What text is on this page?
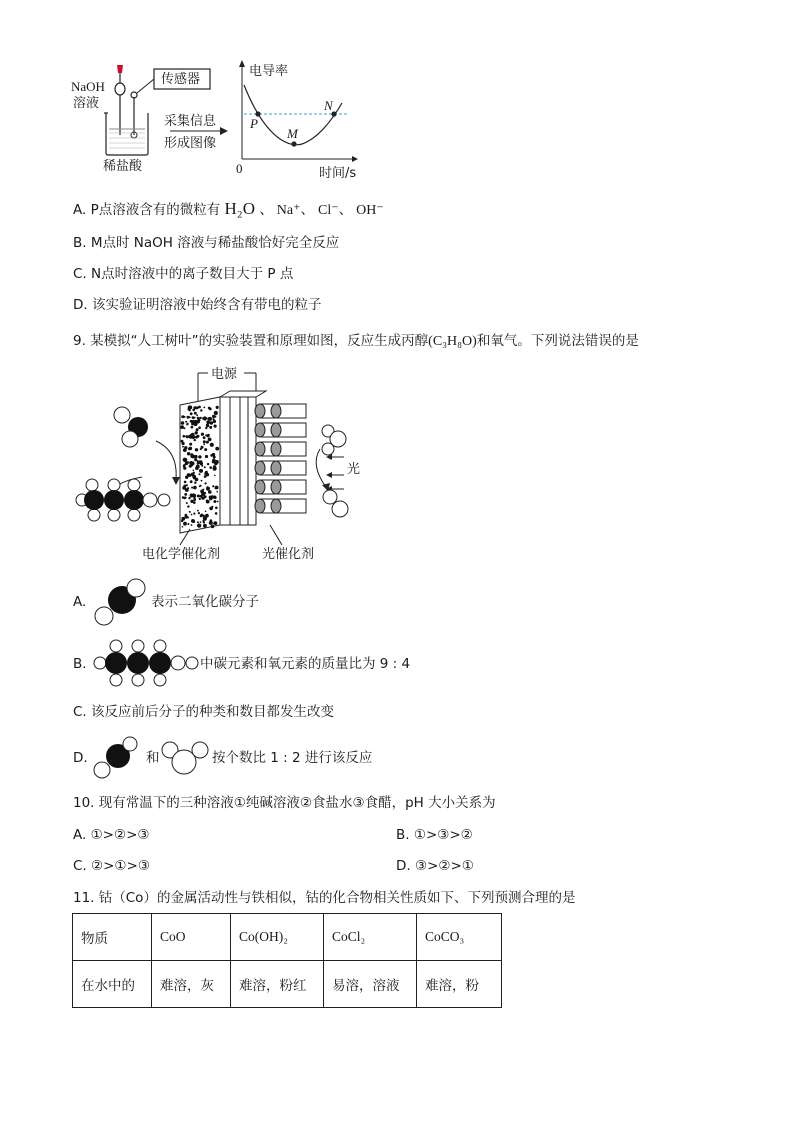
NaOH
溶液
传感器
稀盐酸
采集信息
形成图像
电导率
时间/s
0
P
M
N
A. P点溶液含有的微粒有 H₂O 、 Na⁺、 Cl⁻、 OH⁻
B. M点时 NaOH 溶液与稀盐酸恰好完全反应
C. N点时溶液中的离子数目大于 P 点
D. 该实验证明溶液中始终含有带电的粒子
9. 某模拟“人工树叶”的实验装置和原理如图，反应生成丙醇(C₃H₈O)和氧气。下列说法错误的是
电源
光
电化学催化剂	光催化剂
A.	表示二氧化碳分子
B.	中碳元素和氧元素的质量比为 9 : 4
C. 该反应前后分子的种类和数目都发生改变
D.	和	按个数比 1 : 2 进行该反应
10. 现有常温下的三种溶液①纯碱溶液②食盐水③食醋，pH 大小关系为
A. ①>②>③	B. ①>③>②
C. ②>①>③	D. ③>②>①
11. 钴（Co）的金属活动性与铁相似，钴的化合物相关性质如下、下列预测合理的是
物质	CoO	Co(OH)₂	CoCl₂	CoCO₃
在水中的	难溶，灰	难溶，粉红	易溶，溶液	难溶，粉
